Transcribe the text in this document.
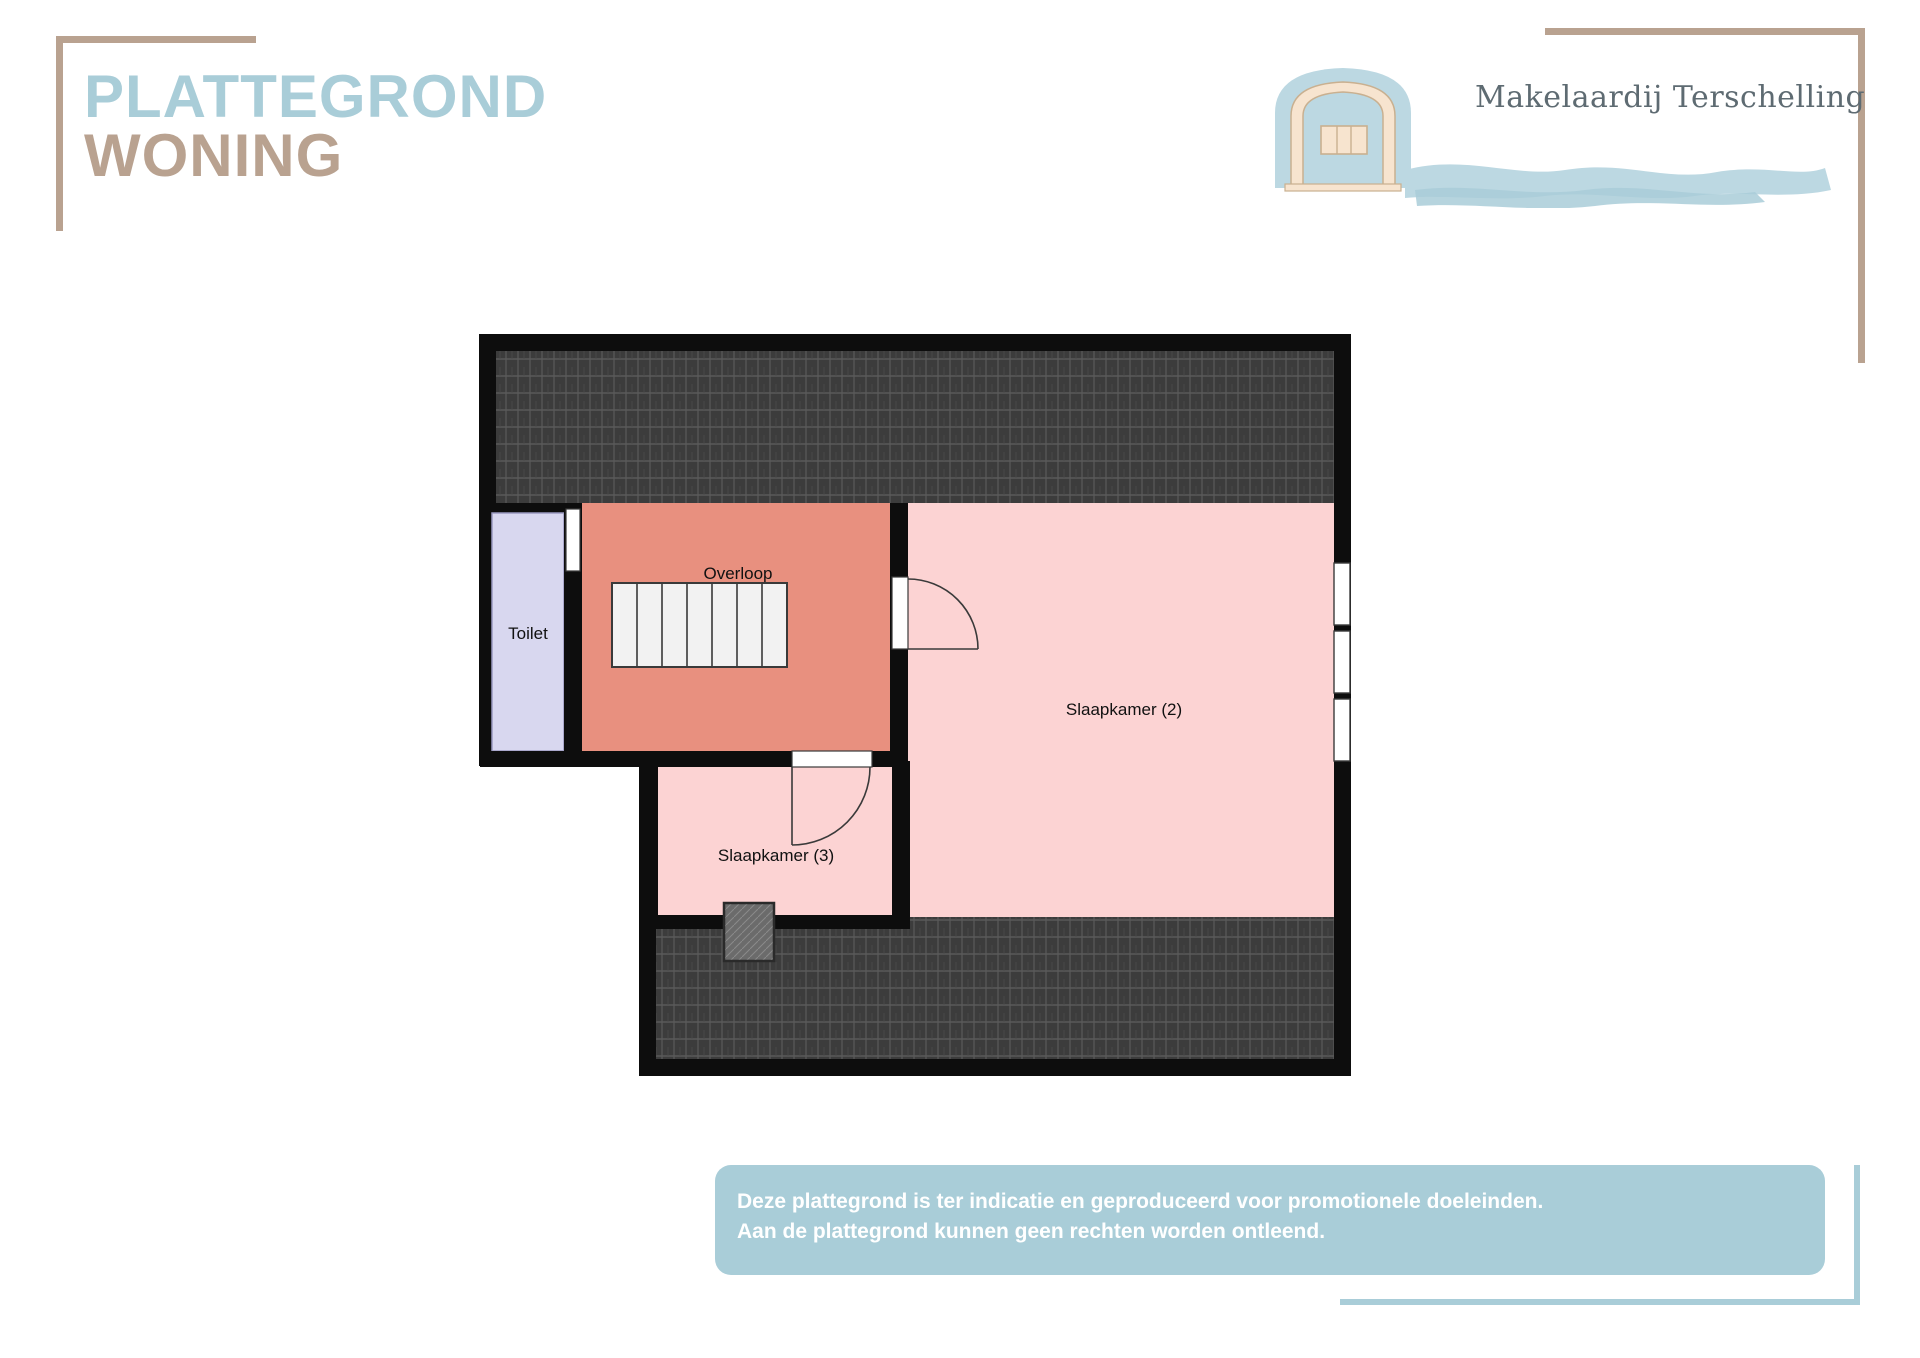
PLATTEGROND
WONING
Makelaardij Terschelling
Toilet
Overloop
Slaapkamer (2)
Slaapkamer (3)
Deze plattegrond is ter indicatie en geproduceerd voor promotionele doeleinden.
Aan de plattegrond kunnen geen rechten worden ontleend.
